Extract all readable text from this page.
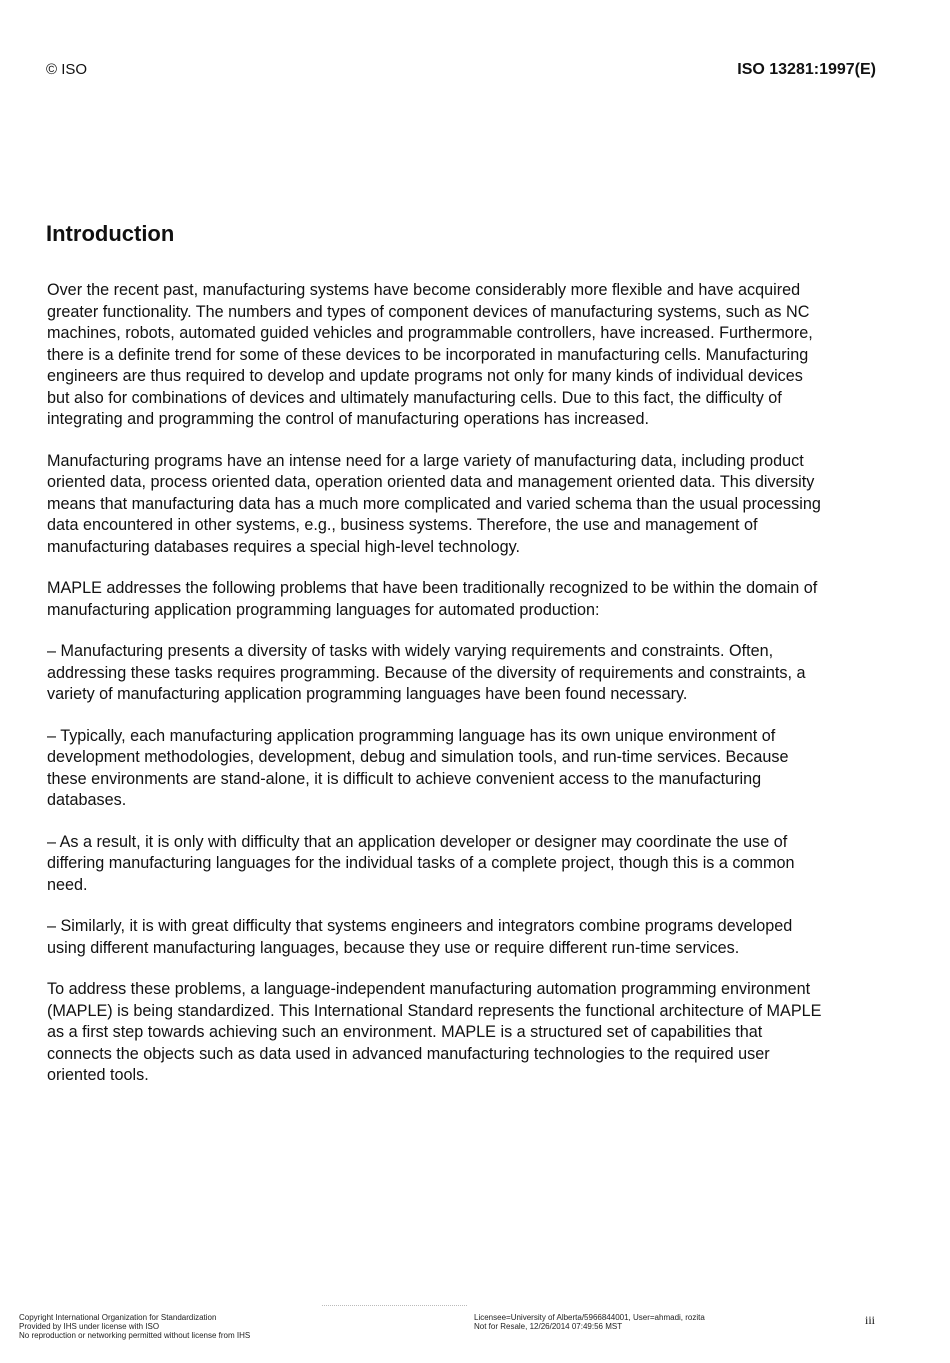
© ISO	ISO 13281:1997(E)
Introduction

Over the recent past, manufacturing systems have become considerably more flexible and have acquired greater functionality. The numbers and types of component devices of manufacturing systems, such as NC machines, robots, automated guided vehicles and programmable controllers, have increased. Furthermore, there is a definite trend for some of these devices to be incorporated in manufacturing cells. Manufacturing engineers are thus required to develop and update programs not only for many kinds of individual devices but also for combinations of devices and ultimately manufacturing cells. Due to this fact, the difficulty of integrating and programming the control of manufacturing operations has increased.

Manufacturing programs have an intense need for a large variety of manufacturing data, including product oriented data, process oriented data, operation oriented data and management oriented data. This diversity means that manufacturing data has a much more complicated and varied schema than the usual processing data encountered in other systems, e.g., business systems. Therefore, the use and management of manufacturing databases requires a special high-level technology.

MAPLE addresses the following problems that have been traditionally recognized to be within the domain of manufacturing application programming languages for automated production:

– Manufacturing presents a diversity of tasks with widely varying requirements and constraints. Often, addressing these tasks requires programming. Because of the diversity of requirements and constraints, a variety of manufacturing application programming languages have been found necessary.

– Typically, each manufacturing application programming language has its own unique environment of development methodologies, development, debug and simulation tools, and run-time services. Because these environments are stand-alone, it is difficult to achieve convenient access to the manufacturing databases.

– As a result, it is only with difficulty that an application developer or designer may coordinate the use of differing manufacturing languages for the individual tasks of a complete project, though this is a common need.

– Similarly, it is with great difficulty that systems engineers and integrators combine programs developed using different manufacturing languages, because they use or require different run-time services.

To address these problems, a language-independent manufacturing automation programming environment (MAPLE) is being standardized. This International Standard represents the functional architecture of MAPLE as a first step towards achieving such an environment. MAPLE is a structured set of capabilities that connects the objects such as data used in advanced manufacturing technologies to the required user oriented tools.

Copyright International Organization for Standardization
Provided by IHS under license with ISO
No reproduction or networking permitted without license from IHS
Licensee=University of Alberta/5966844001, User=ahmadi, rozita
Not for Resale, 12/26/2014 07:49:56 MST	iii
